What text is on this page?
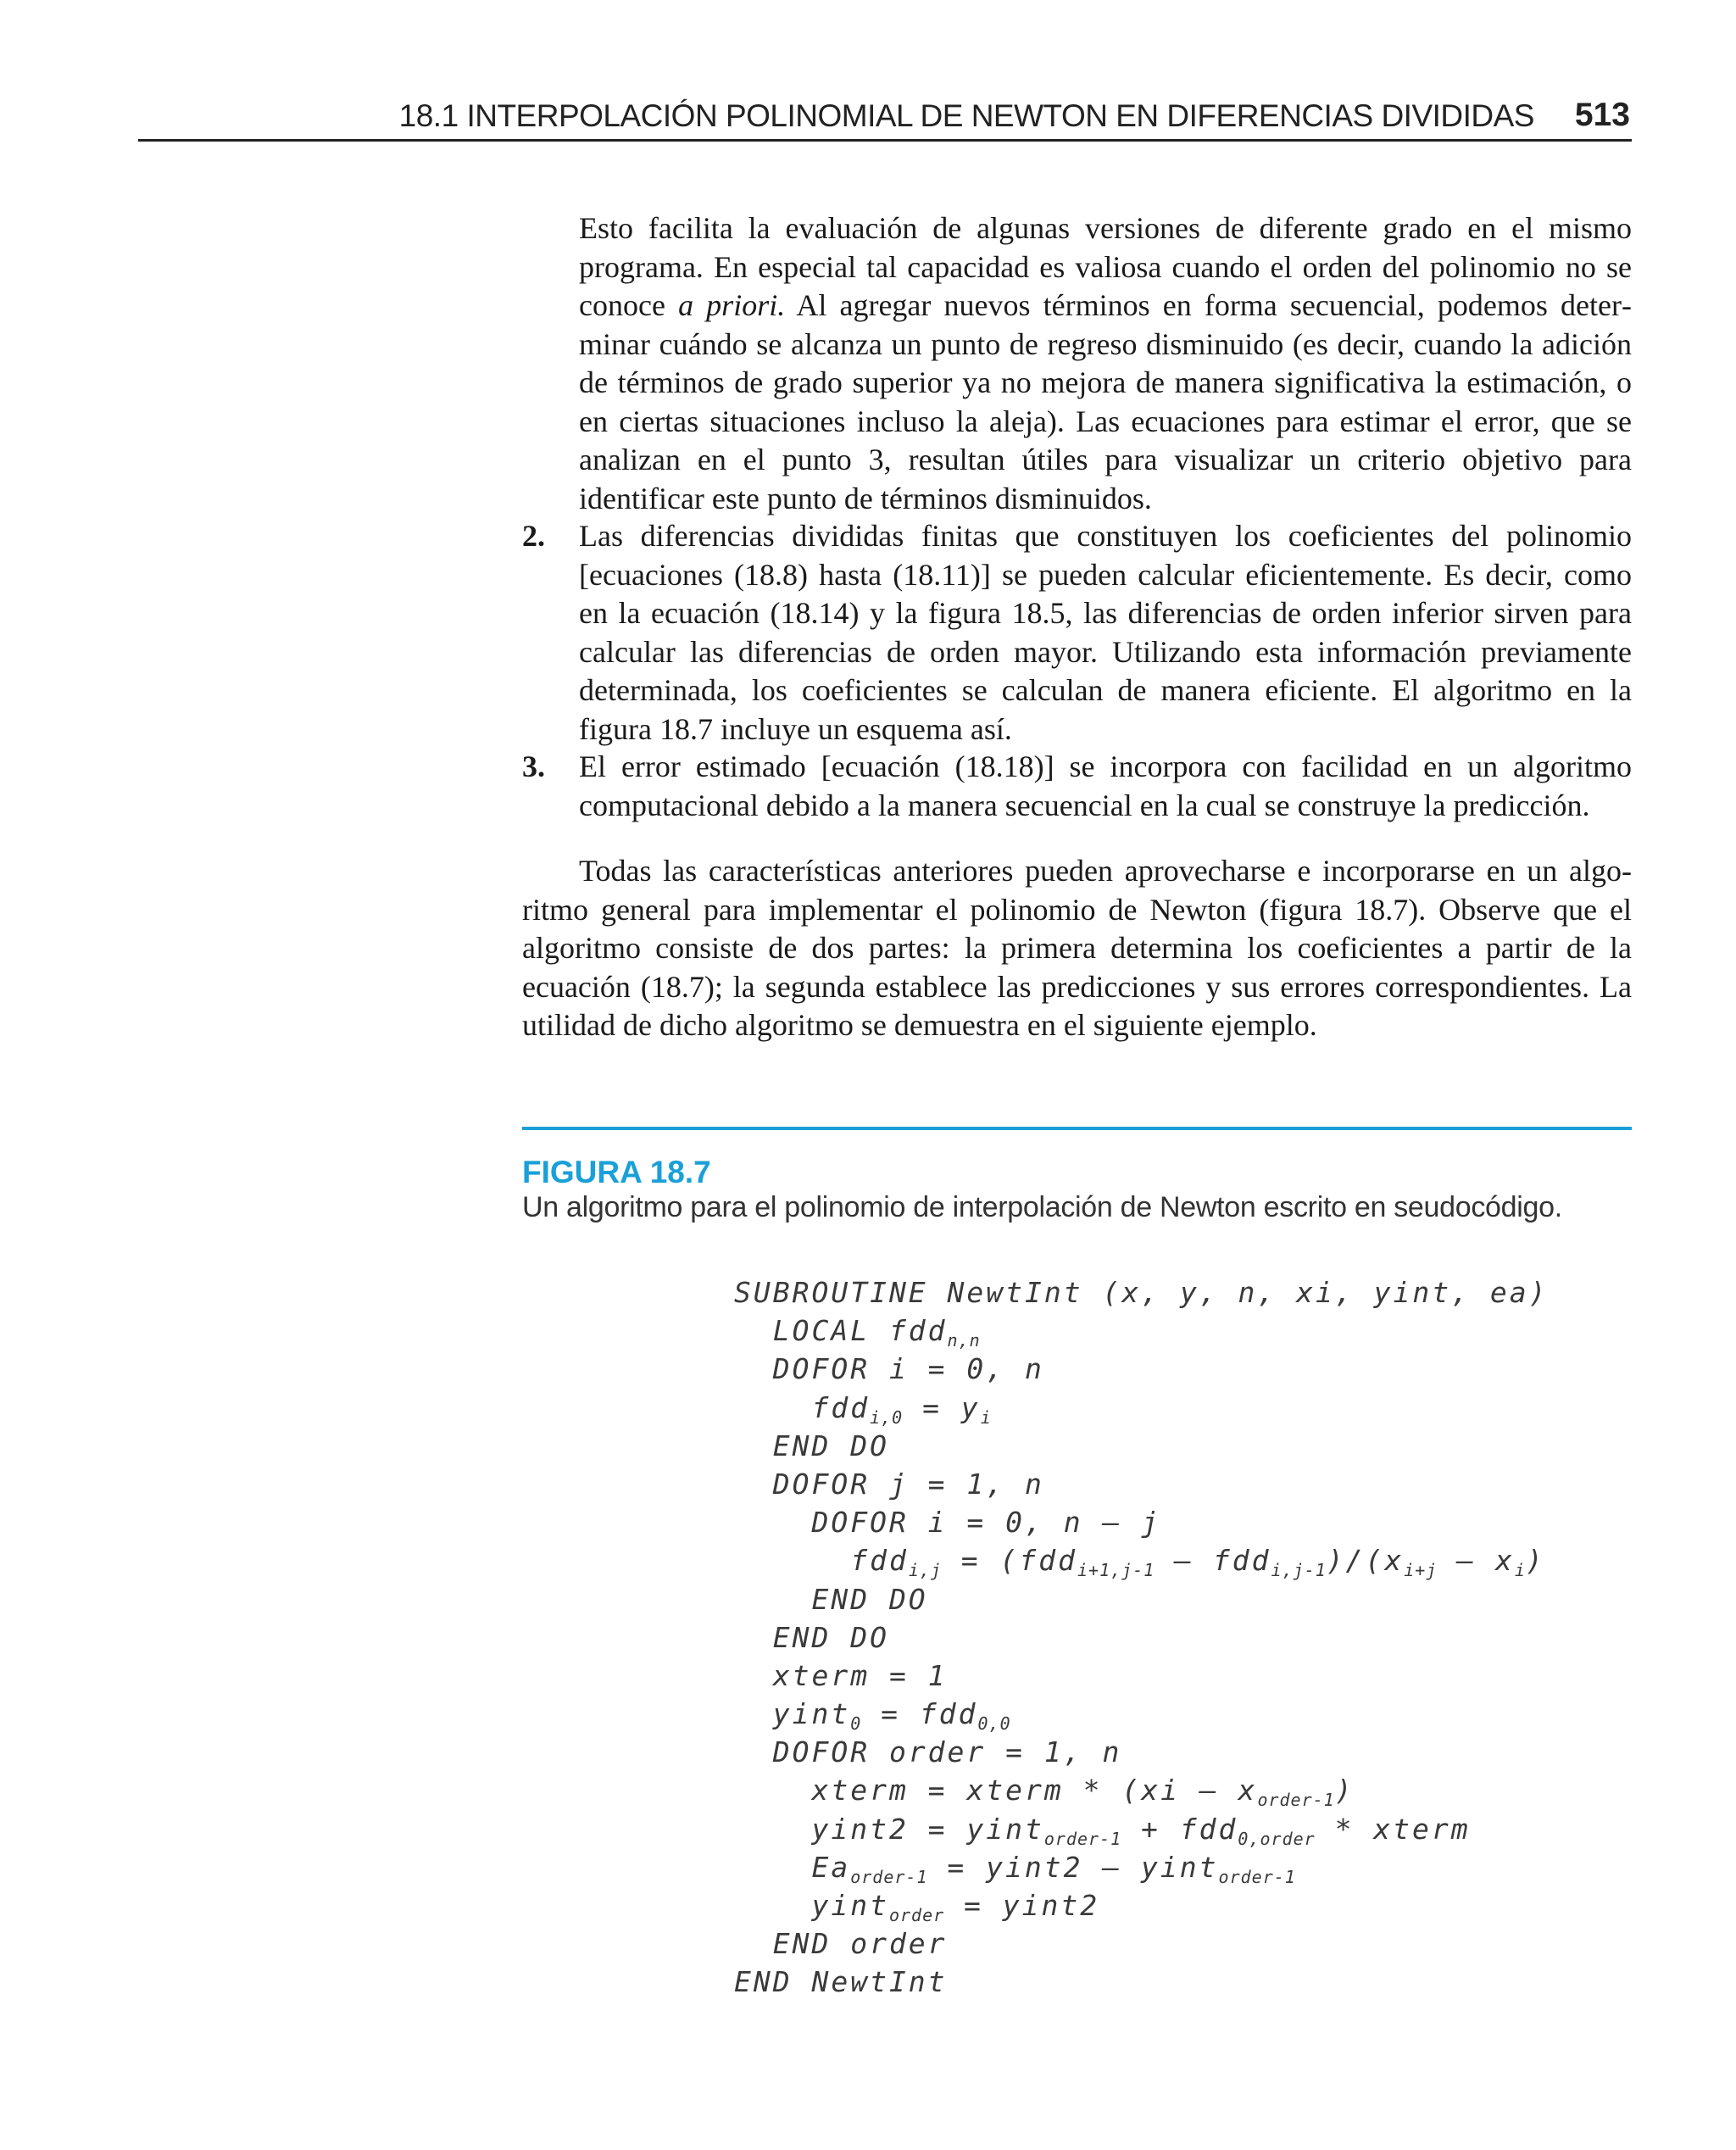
18.1 INTERPOLACIÓN POLINOMIAL DE NEWTON EN DIFERENCIAS DIVIDIDAS 513
Esto facilita la evaluación de algunas versiones de diferente grado en el mismo programa. En especial tal capacidad es valiosa cuando el orden del polinomio no se conoce a priori. Al agregar nuevos términos en forma secuencial, podemos determinar cuándo se alcanza un punto de regreso disminuido (es decir, cuando la adición de términos de grado superior ya no mejora de manera significativa la estimación, o en ciertas situaciones incluso la aleja). Las ecuaciones para estimar el error, que se analizan en el punto 3, resultan útiles para visualizar un criterio objetivo para identificar este punto de términos disminuidos.
2. Las diferencias divididas finitas que constituyen los coeficientes del polinomio [ecuaciones (18.8) hasta (18.11)] se pueden calcular eficientemente. Es decir, como en la ecuación (18.14) y la figura 18.5, las diferencias de orden inferior sirven para calcular las diferencias de orden mayor. Utilizando esta información previamente determinada, los coeficientes se calculan de manera eficiente. El algoritmo en la figura 18.7 incluye un esquema así.
3. El error estimado [ecuación (18.18)] se incorpora con facilidad en un algoritmo computacional debido a la manera secuencial en la cual se construye la predicción.
Todas las características anteriores pueden aprovecharse e incorporarse en un algoritmo general para implementar el polinomio de Newton (figura 18.7). Observe que el algoritmo consiste de dos partes: la primera determina los coeficientes a partir de la ecuación (18.7); la segunda establece las predicciones y sus errores correspondientes. La utilidad de dicho algoritmo se demuestra en el siguiente ejemplo.
FIGURA 18.7
Un algoritmo para el polinomio de interpolación de Newton escrito en seudocódigo.
SUBROUTINE NewtInt (x, y, n, xi, yint, ea)
LOCAL fdd$_{n,n}$
DOFOR i = 0, n
$fdd_{i,0} = y_i$
END DO
DOFOR j = 1, n
DOFOR i = 0, n – j
$fdd_{i,j} = (fdd_{i+1,j-1} - fdd_{i,j-1})/(x_{i+j} - x_i)$
END DO
END DO
xterm = 1
yint$_0$ = fdd$_{0,0}$
DOFOR order = 1, n
xterm = xterm * $(xi - x_{order-1})$
yint2 = yint$_{order-1}$ + fdd$_{0,order}$ * xterm
$Ea_{order-1}$ = yint2 – yint$_{order-1}$
yint$_{order}$ = yint2
END order
END NewtInt
